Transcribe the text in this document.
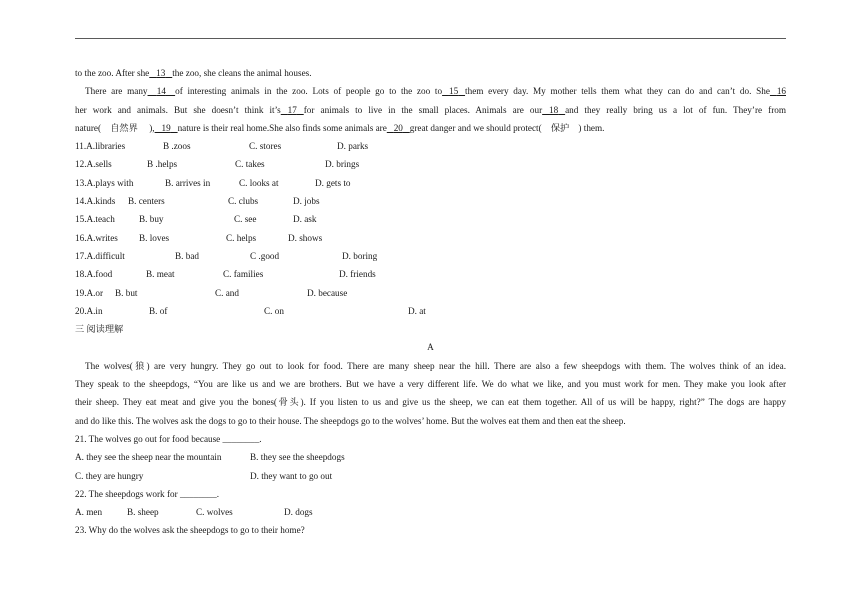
to the zoo. After she 13 the zoo, she cleans the animal houses.
There are many 14 of interesting animals in the zoo. Lots of people go to the zoo to 15 them every day. My mother tells them what they can do and can’t do. She 16
her work and animals. But she doesn’t think it’s 17 for animals to live in the small places. Animals are our 18 and they really bring us a lot of fun. They’re from
nature( 自然界 ), 19 nature is their real home.She also finds some animals are 20 great danger and we should protect( 保护 ) them.
11.A.libraries	B .zoos	C. stores	D. parks
12.A.sells	B .helps	C. takes	D. brings
13.A.plays with	B. arrives in	C. looks at	D. gets to
14.A.kinds B. centers	C. clubs	D. jobs
15.A.teach	B. buy	C. see	D. ask
16.A.writes B. loves	C. helps	D. shows
17.A.difficult	B. bad	C .good	D. boring
18.A.food	B. meat	C. families	D. friends
19.A.or B. but	C. and	D. because
20.A.in	B. of	C. on	D. at
三 阅读理解
A
The wolves(狼) are very hungry. They go out to look for food. There are many sheep near the hill. There are also a few sheepdogs with them. The wolves think of an idea.
They speak to the sheepdogs, “You are like us and we are brothers. But we have a very different life. We do what we like, and you must work for men. They make you look after
their sheep. They eat meat and give you the bones(骨头). If you listen to us and give us the sheep, we can eat them together. All of us will be happy, right?” The dogs are happy
and do like this. The wolves ask the dogs to go to their house. The sheepdogs go to the wolves’ home. But the wolves eat them and then eat the sheep.
21. The wolves go out for food because ________.
A. they see the sheep near the mountain	B. they see the sheepdogs
C. they are hungry	D. they want to go out
22. The sheepdogs work for ________.
A. men	B. sheep	C. wolves	D. dogs
23. Why do the wolves ask the sheepdogs to go to their home?
